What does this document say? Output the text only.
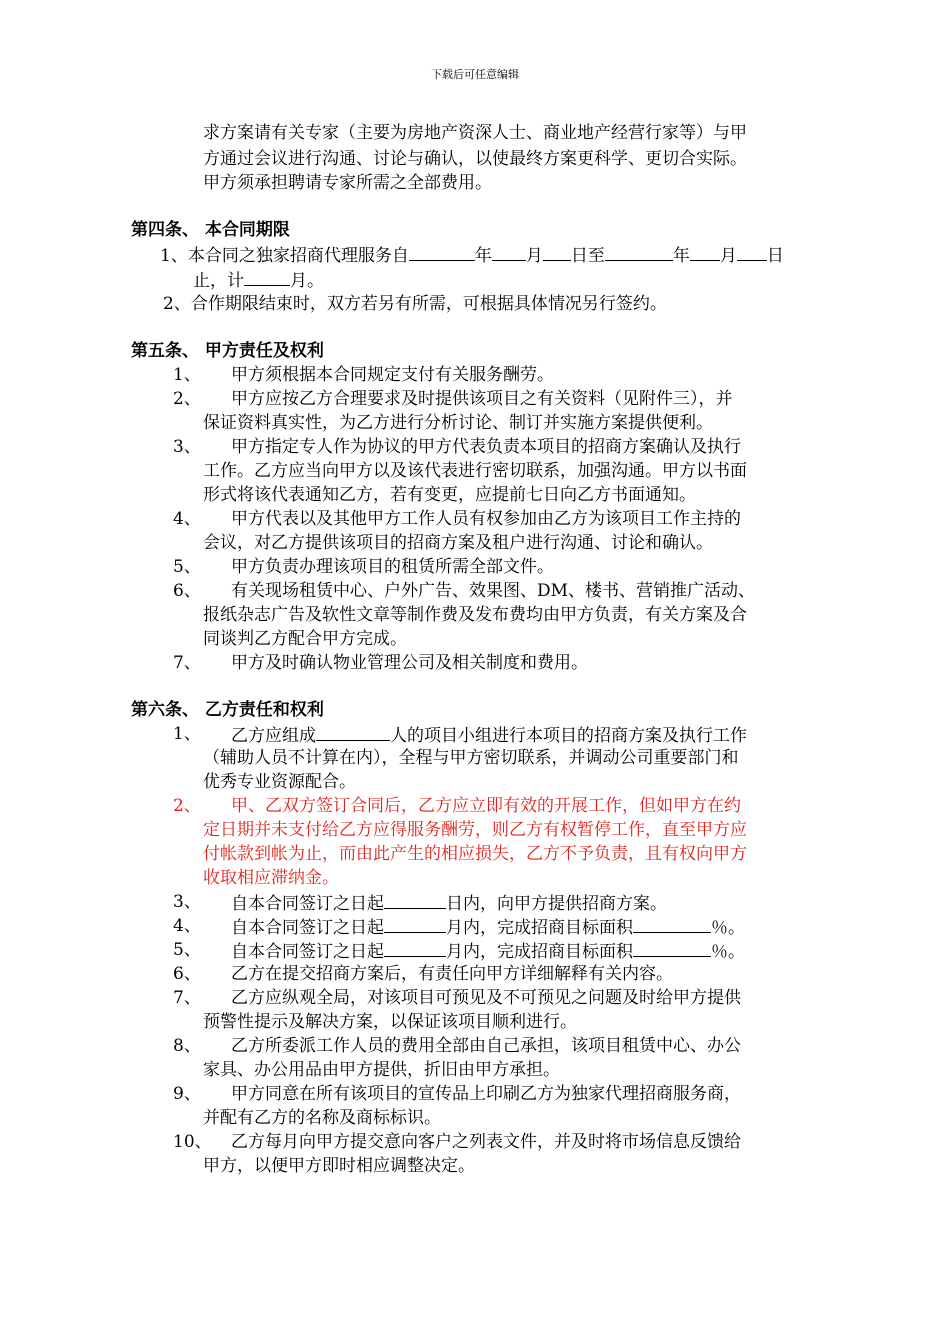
下载后可任意编辑
求方案请有关专家（主要为房地产资深人士、商业地产经营行家等）与甲
方通过会议进行沟通、讨论与确认，以使最终方案更科学、更切合实际。
甲方须承担聘请专家所需之全部费用。
第四条、 本合同期限
1、本合同之独家招商代理服务自	年 月 日至	年 月 日
止，计	月。
2、合作期限结束时，双方若另有所需，可根据具体情况另行签约。
第五条、 甲方责任及权利
1、 甲方须根据本合同规定支付有关服务酬劳。
2、 甲方应按乙方合理要求及时提供该项目之有关资料（见附件三），并
保证资料真实性，为乙方进行分析讨论、制订并实施方案提供便利。
3、 甲方指定专人作为协议的甲方代表负责本项目的招商方案确认及执行
工作。乙方应当向甲方以及该代表进行密切联系，加强沟通。甲方以书面
形式将该代表通知乙方，若有变更，应提前七日向乙方书面通知。
4、 甲方代表以及其他甲方工作人员有权参加由乙方为该项目工作主持的
会议，对乙方提供该项目的招商方案及租户进行沟通、讨论和确认。
5、 甲方负责办理该项目的租赁所需全部文件。
6、 有关现场租赁中心、户外广告、效果图、DM、楼书、营销推广活动、
报纸杂志广告及软性文章等制作费及发布费均由甲方负责，有关方案及合
同谈判乙方配合甲方完成。
7、 甲方及时确认物业管理公司及相关制度和费用。
第六条、 乙方责任和权利
1、 乙方应组成	人的项目小组进行本项目的招商方案及执行工作
（辅助人员不计算在内），全程与甲方密切联系，并调动公司重要部门和
优秀专业资源配合。
2、 甲、乙双方签订合同后，乙方应立即有效的开展工作，但如甲方在约
定日期并未支付给乙方应得服务酬劳，则乙方有权暂停工作，直至甲方应
付帐款到帐为止，而由此产生的相应损失，乙方不予负责，且有权向甲方
收取相应滞纳金。
3、 自本合同签订之日起	日内，向甲方提供招商方案。
4、 自本合同签订之日起	月内，完成招商目标面积	％。
5、 自本合同签订之日起	月内，完成招商目标面积	％。
6、 乙方在提交招商方案后，有责任向甲方详细解释有关内容。
7、 乙方应纵观全局，对该项目可预见及不可预见之问题及时给甲方提供
预警性提示及解决方案，以保证该项目顺利进行。
8、 乙方所委派工作人员的费用全部由自己承担，该项目租赁中心、办公
家具、办公用品由甲方提供，折旧由甲方承担。
9、 甲方同意在所有该项目的宣传品上印刷乙方为独家代理招商服务商，
并配有乙方的名称及商标标识。
10、 乙方每月向甲方提交意向客户之列表文件，并及时将市场信息反馈给
甲方，以便甲方即时相应调整决定。
